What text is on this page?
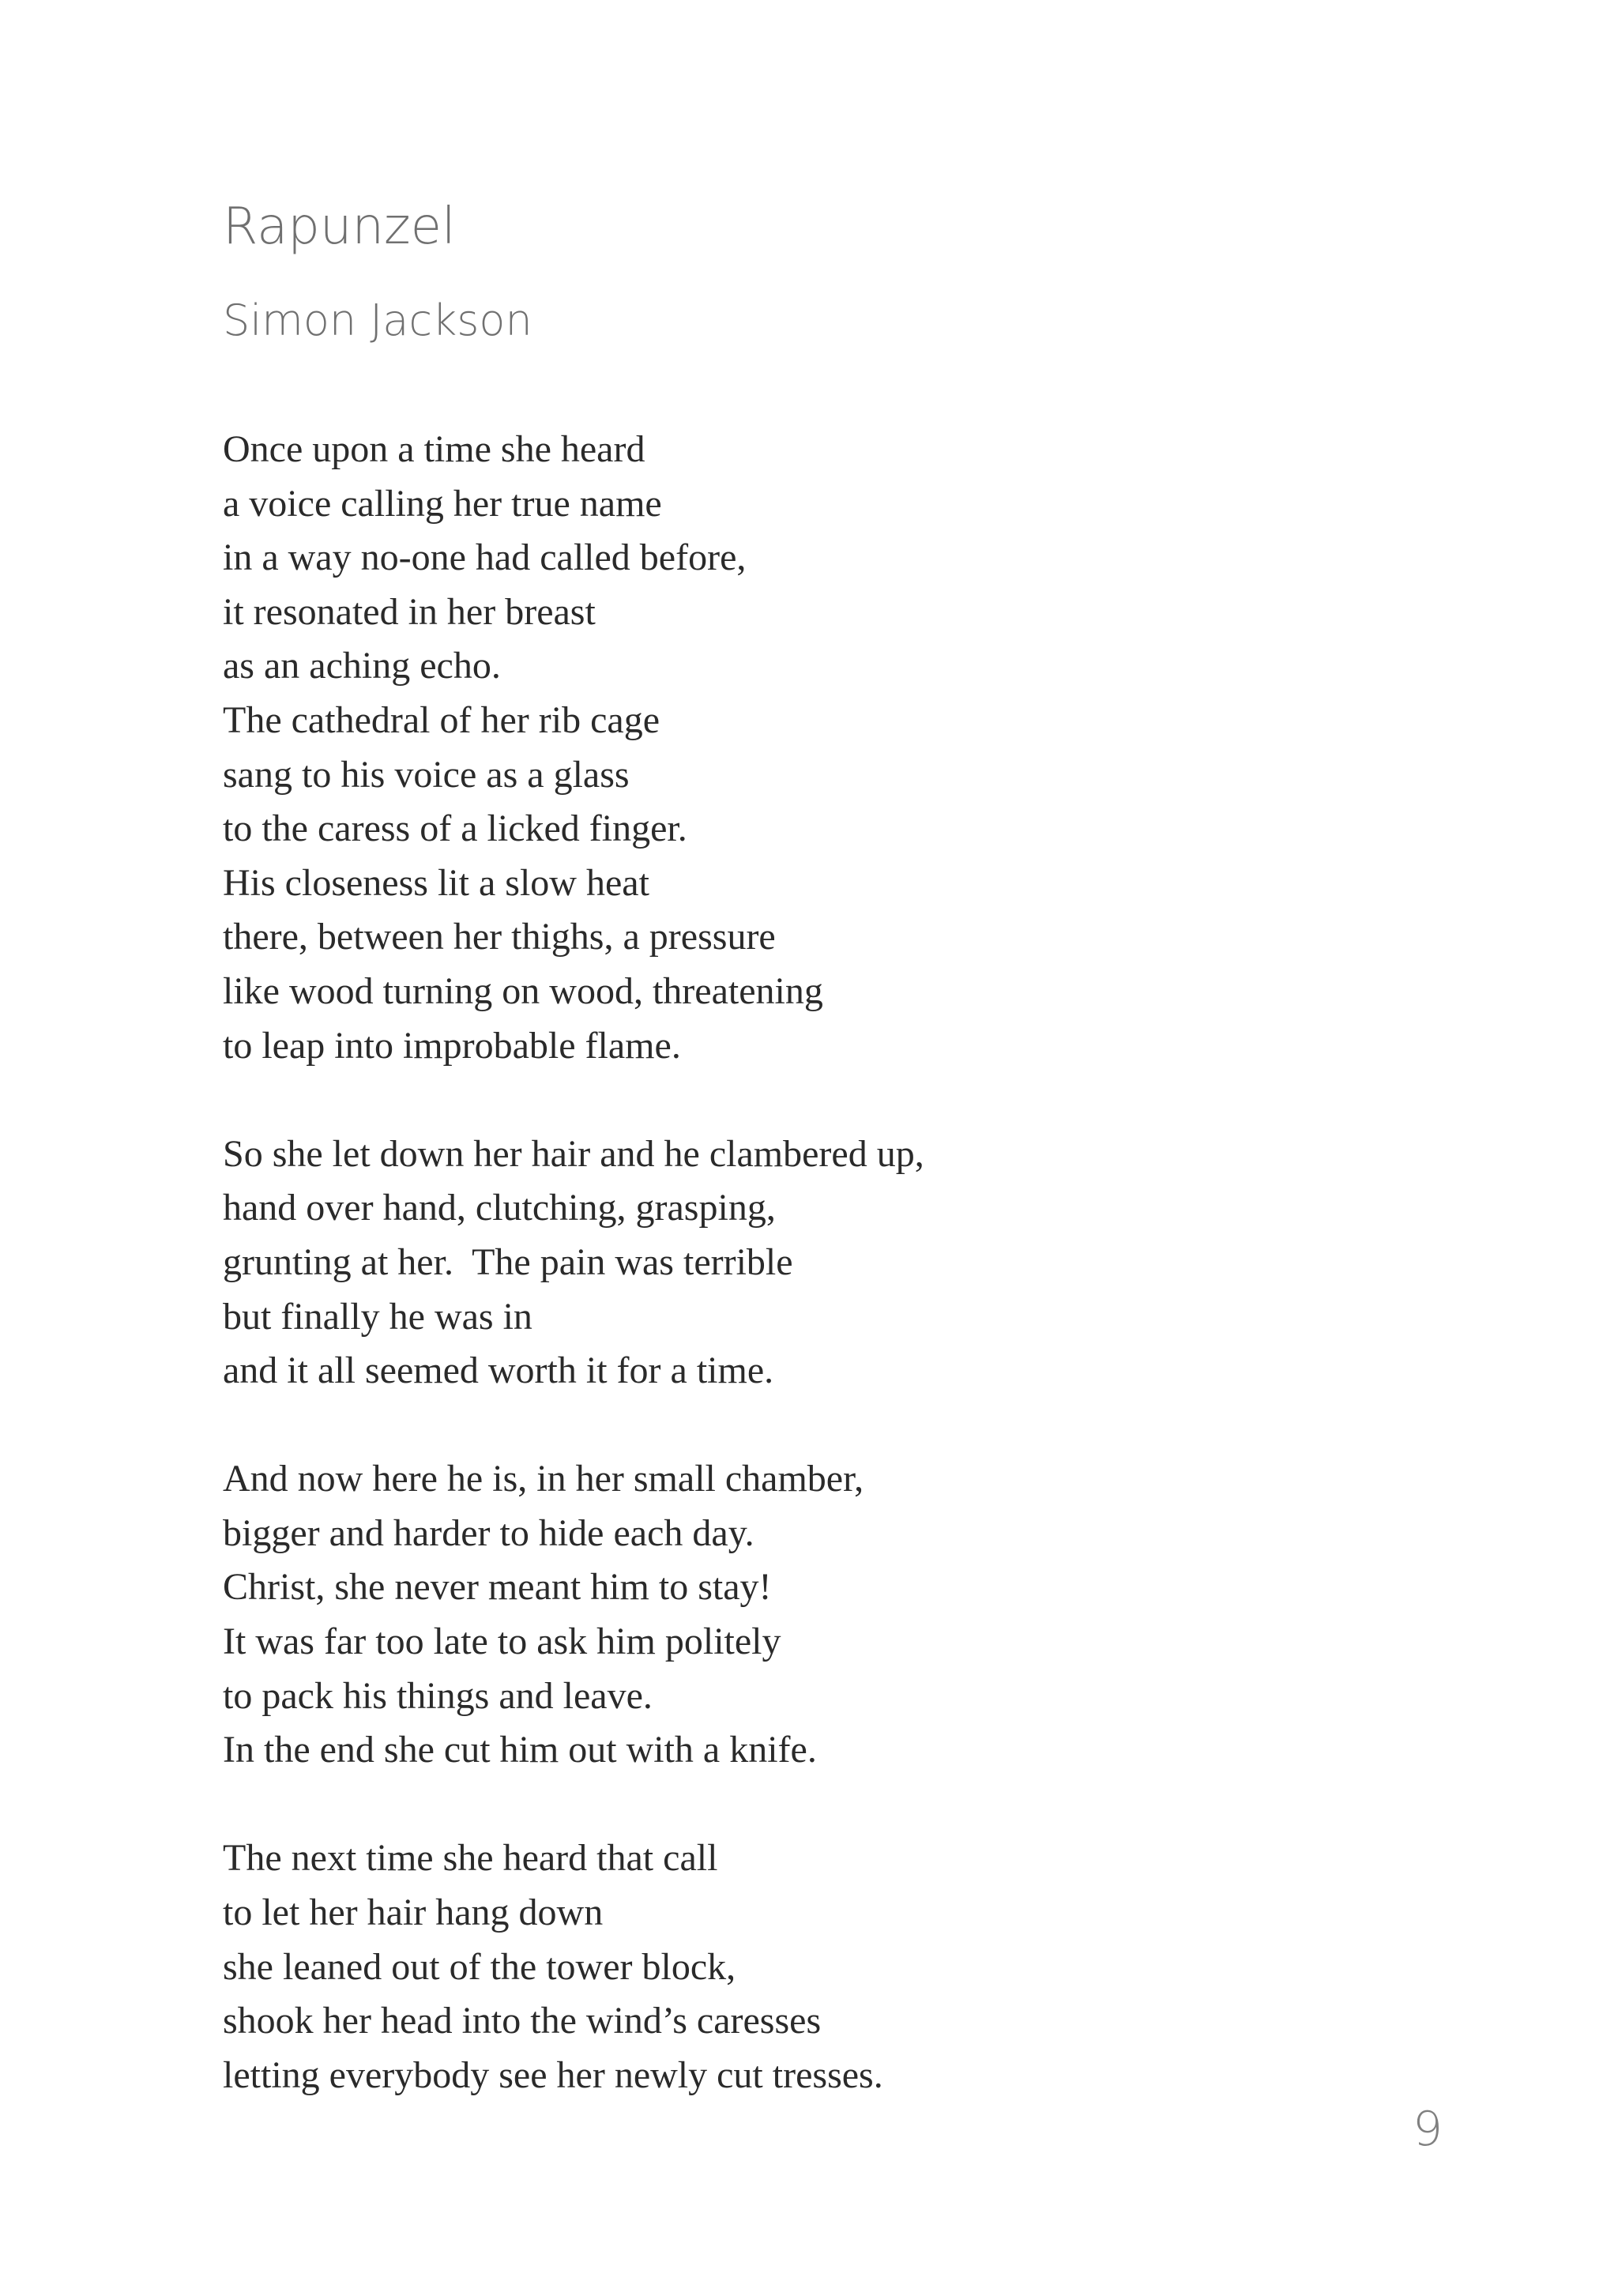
Rapunzel
Simon Jackson

Once upon a time she heard
a voice calling her true name
in a way no-one had called before,
it resonated in her breast
as an aching echo.
The cathedral of her rib cage
sang to his voice as a glass
to the caress of a licked finger.
His closeness lit a slow heat
there, between her thighs, a pressure
like wood turning on wood, threatening
to leap into improbable flame.

So she let down her hair and he clambered up,
hand over hand, clutching, grasping,
grunting at her.  The pain was terrible
but finally he was in
and it all seemed worth it for a time.

And now here he is, in her small chamber,
bigger and harder to hide each day.
Christ, she never meant him to stay!
It was far too late to ask him politely
to pack his things and leave.
In the end she cut him out with a knife.

The next time she heard that call
to let her hair hang down
she leaned out of the tower block,
shook her head into the wind’s caresses
letting everybody see her newly cut tresses.

9
